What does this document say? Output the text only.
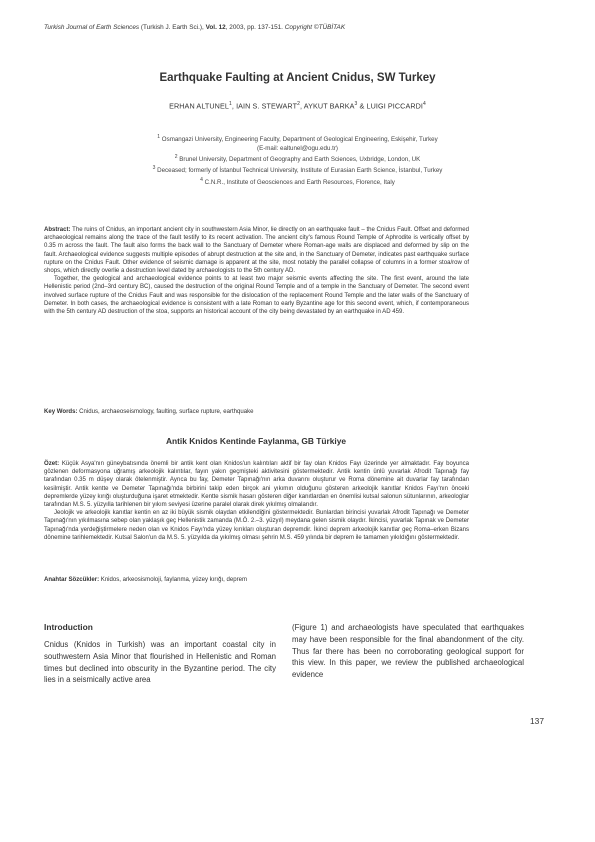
Turkish Journal of Earth Sciences (Turkish J. Earth Sci.), Vol. 12, 2003, pp. 137-151. Copyright ©TÜBİTAK
Earthquake Faulting at Ancient Cnidus, SW Turkey
ERHAN ALTUNEL$^1$, IAIN S. STEWART$^2$, AYKUT BARKA$^3$ & LUIGI PICCARDI$^4$
$^1$ Osmangazi University, Engineering Faculty, Department of Geological Engineering, Eskişehir, Turkey
(E-mail: ealtunel@ogu.edu.tr)
$^2$ Brunel University, Department of Geography and Earth Sciences, Uxbridge, London, UK
$^3$ Deceased; formerly of İstanbul Technical University, Institute of Eurasian Earth Science, İstanbul, Turkey
$^4$ C.N.R., Institute of Geosciences and Earth Resources, Florence, Italy

Abstract: The ruins of Cnidus, an important ancient city in southwestern Asia Minor, lie directly on an earthquake fault – the Cnidus Fault. Offset and deformed archaeological remains along the trace of the fault testify to its recent activation. The ancient city's famous Round Temple of Aphrodite is vertically offset by 0.35 m across the fault. The fault also forms the back wall to the Sanctuary of Demeter where Roman-age walls are displaced and deformed by slip on the fault. Archaeological evidence suggests multiple episodes of abrupt destruction at the site and, in the Sanctuary of Demeter, indicates past earthquake surface rupture on the Cnidus Fault. Other evidence of seismic damage is apparent at the site, most notably the parallel collapse of columns in a former stoa/row of shops, which directly overlie a destruction level dated by archaeologists to the 5th century AD.

Together, the geological and archaeological evidence points to at least two major seismic events affecting the site. The first event, around the late Hellenistic period (2nd–3rd century BC), caused the destruction of the original Round Temple and of a temple in the Sanctuary of Demeter. The second event involved surface rupture of the Cnidus Fault and was responsible for the dislocation of the replacement Round Temple and the later walls of the Sanctuary of Demeter. In both cases, the archaeological evidence is consistent with a late Roman to early Byzantine age for this second event, which, if contemporaneous with the 5th century AD destruction of the stoa, supports an historical account of the city being devastated by an earthquake in AD 459.

Key Words: Cnidus, archaeoseismology, faulting, surface rupture, earthquake
Antik Knidos Kentinde Faylanma, GB Türkiye

Özet: Küçük Asya'nın güneybatısında önemli bir antik kent olan Knidos'un kalıntıları aktif bir fay olan Knidos Fayı üzerinde yer almaktadır. Fay boyunca gözlenen deformasyona uğramış arkeolojik kalıntılar, fayın yakın geçmişteki aktivitesini göstermektedir. Antik kentin ünlü yuvarlak Afrodit Tapınağı fay tarafından 0.35 m düşey olarak ötelenmiştir. Ayrıca bu fay, Demeter Tapınağı'nın arka duvarını oluşturur ve Roma dönemine ait duvarlar fay tarafından kesilmiştir. Antik kentte ve Demeter Tapınağı'nda birbirini takip eden birçok ani yıkımın olduğunu gösteren arkeolojik kanıtlar Knidos Fayı'nın önceki depremlerde yüzey kırığı oluşturduğuna işaret etmektedir. Kentte sismik hasarı gösteren diğer kanıtlardan en önemlisi kutsal salonun sütunlarının, arkeologlar tarafından M.S. 5. yüzyılla tarihlenen bir yıkım seviyesi üzerine paralel olarak direk yıkılmış olmalarıdır.

Jeolojik ve arkeolojik kanıtlar kentin en az iki büyük sismik olaydan etkilendiğini göstermektedir. Bunlardan birincisi yuvarlak Afrodit Tapınağı ve Demeter Tapınağı'nın yıkılmasına sebep olan yaklaşık geç Hellenistik zamanda (M.Ö. 2.–3. yüzyıl) meydana gelen sismik olaydır. İkincisi, yuvarlak Tapınak ve Demeter Tapınağı'nda yerdeğiştirmelere neden olan ve Knidos Fayı'nda yüzey kırıkları oluşturan depremdir. İkinci deprem arkeolojik kanıtlar geç Roma–erken Bizans dönemine tarihlemektedir. Kutsal Salon'un da M.S. 5. yüzyılda da yıkılmış olması şehrin M.S. 459 yılında bir deprem ile tamamen yıkıldığını göstermektedir.

Anahtar Sözcükler: Knidos, arkeosismoloji, faylanma, yüzey kırığı, deprem
Introduction

Cnidus (Knidos in Turkish) was an important coastal city in southwestern Asia Minor that flourished in Hellenistic and Roman times but declined into obscurity in the Byzantine period. The city lies in a seismically active area

(Figure 1) and archaeologists have speculated that earthquakes may have been responsible for the final abandonment of the city. Thus far there has been no corroborating geological support for this view. In this paper, we review the published archaeological evidence

137
